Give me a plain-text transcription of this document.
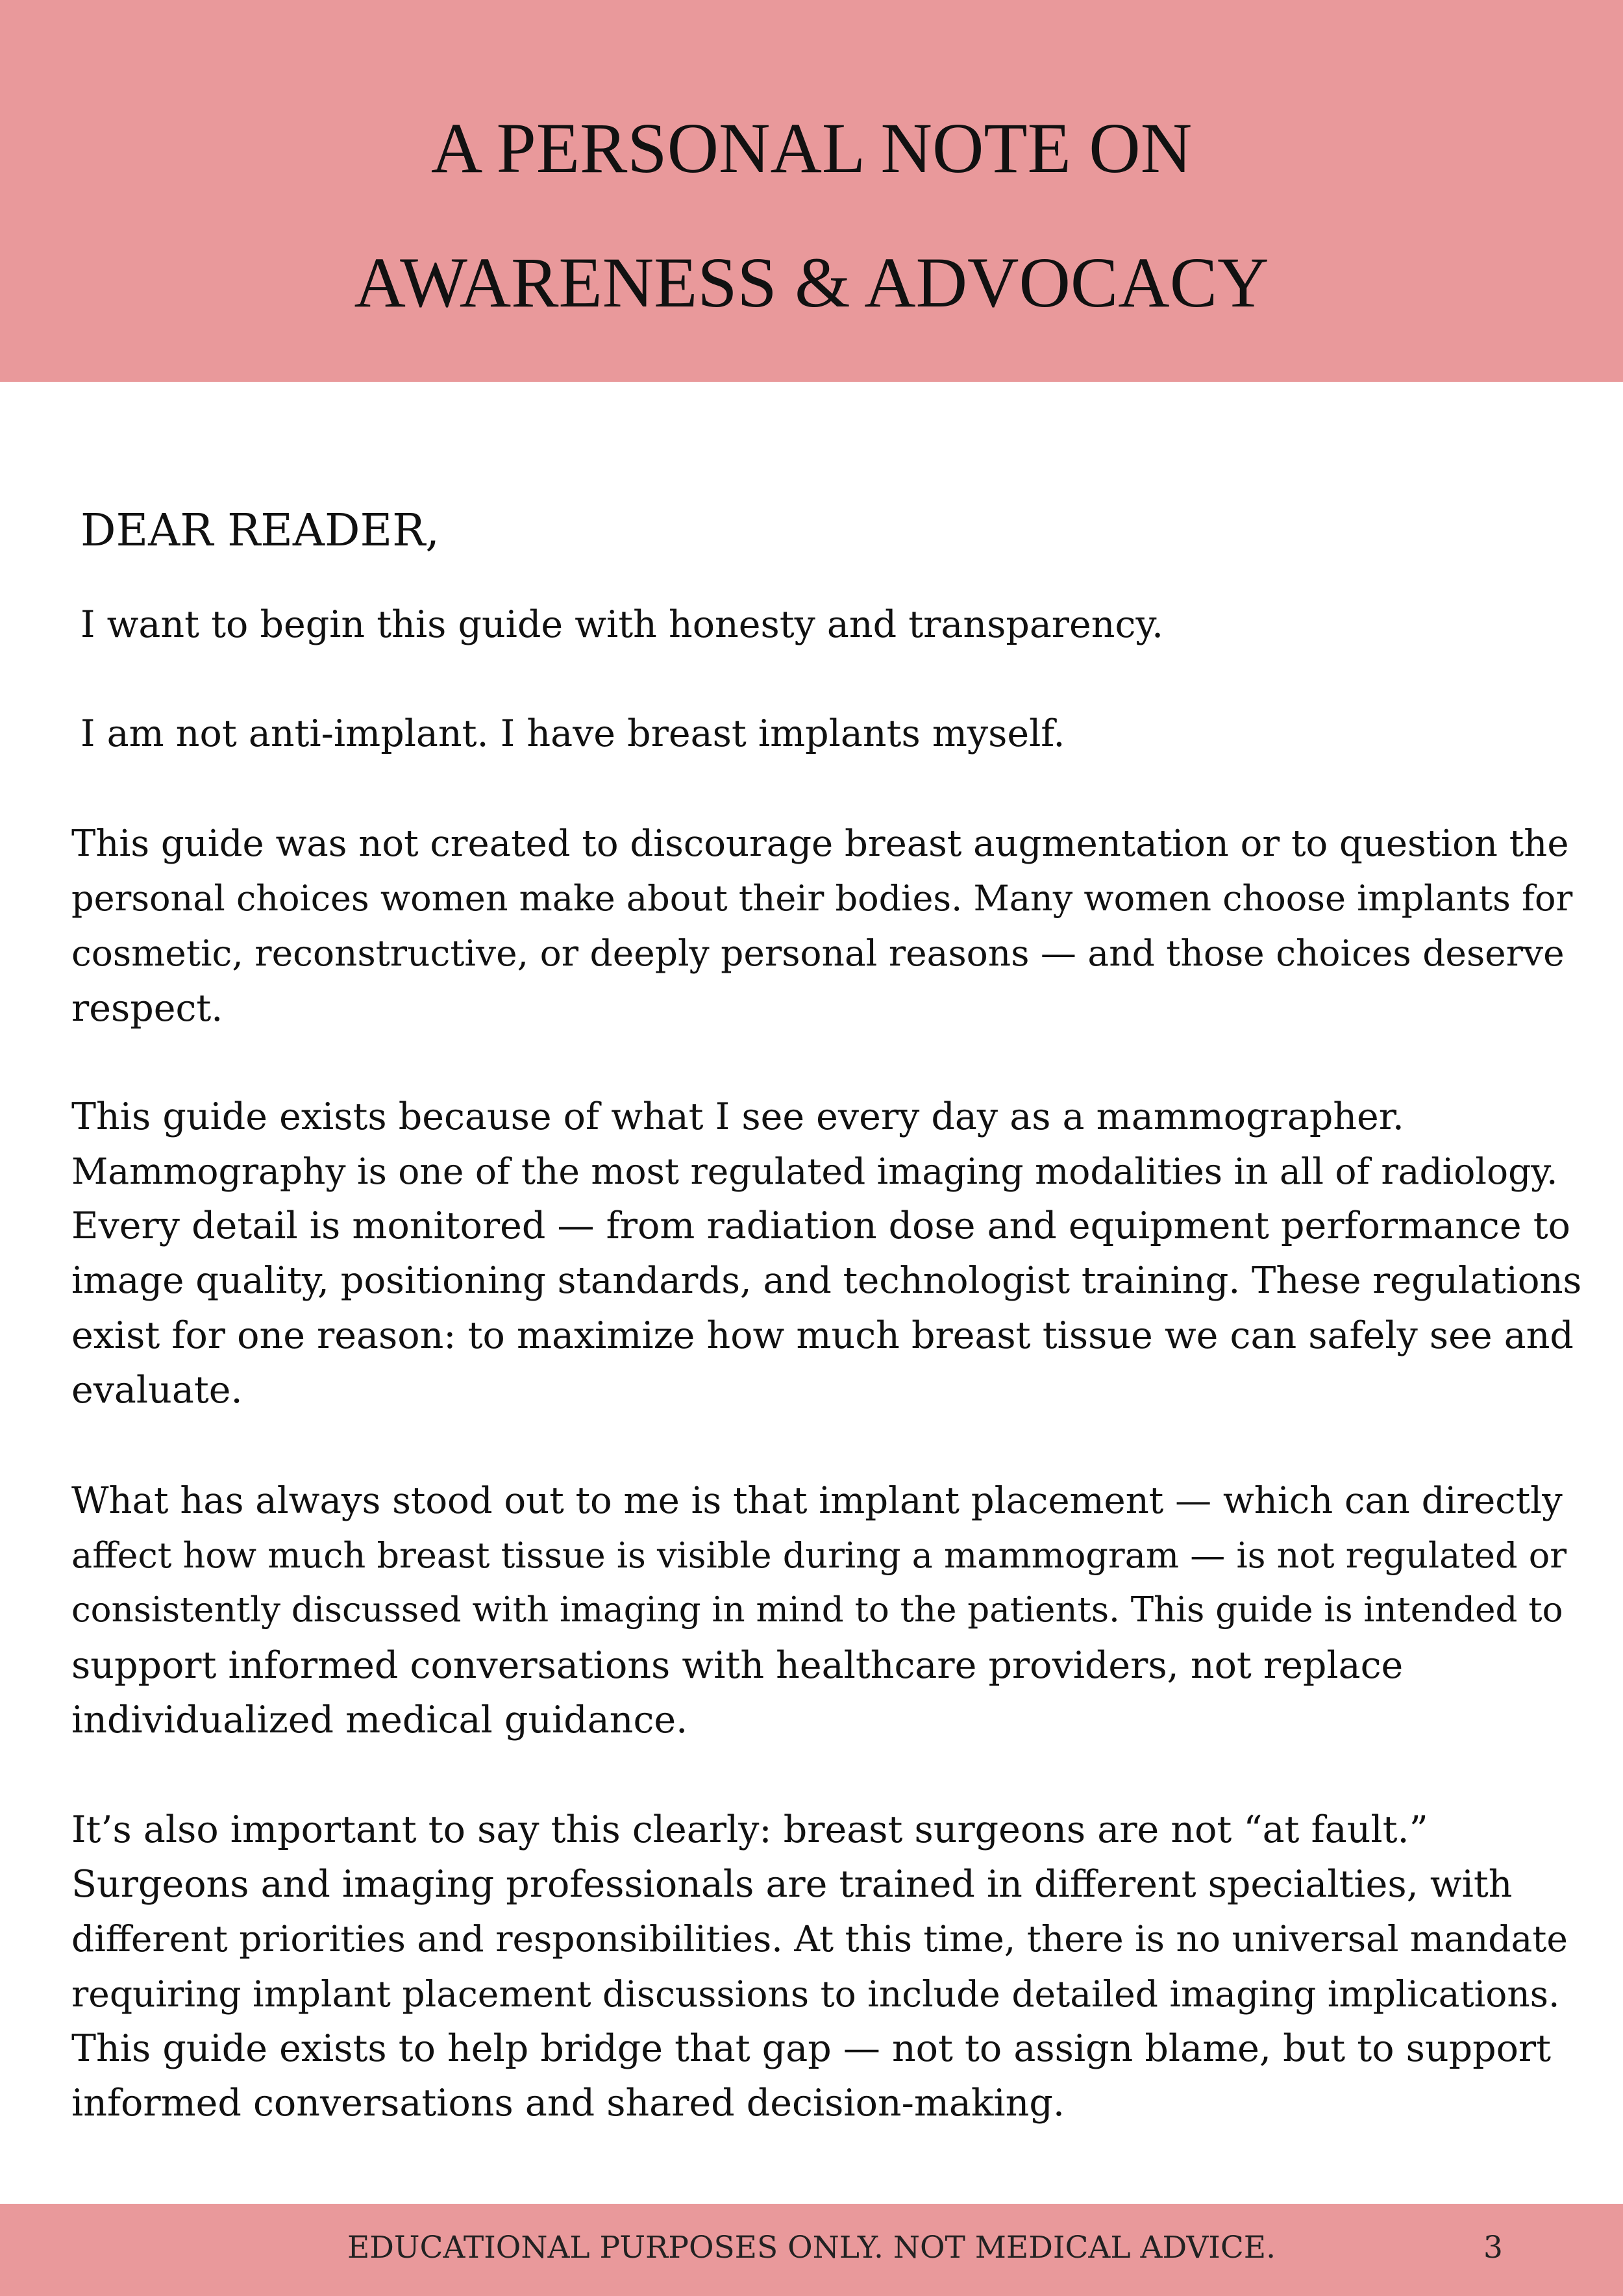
A PERSONAL NOTE ON
AWARENESS & ADVOCACY

DEAR READER,

I want to begin this guide with honesty and transparency.

I am not anti-implant. I have breast implants myself.

This guide was not created to discourage breast augmentation or to question the
personal choices women make about their bodies. Many women choose implants for
cosmetic, reconstructive, or deeply personal reasons — and those choices deserve
respect.
This guide exists because of what I see every day as a mammographer.
Mammography is one of the most regulated imaging modalities in all of radiology.
Every detail is monitored — from radiation dose and equipment performance to
image quality, positioning standards, and technologist training. These regulations
exist for one reason: to maximize how much breast tissue we can safely see and
evaluate.
What has always stood out to me is that implant placement — which can directly
affect how much breast tissue is visible during a mammogram — is not regulated or
consistently discussed with imaging in mind to the patients. This guide is intended to
support informed conversations with healthcare providers, not replace
individualized medical guidance.
It’s also important to say this clearly: breast surgeons are not “at fault.”
Surgeons and imaging professionals are trained in different specialties, with
different priorities and responsibilities. At this time, there is no universal mandate
requiring implant placement discussions to include detailed imaging implications.
This guide exists to help bridge that gap — not to assign blame, but to support
informed conversations and shared decision-making.
EDUCATIONAL PURPOSES ONLY. NOT MEDICAL ADVICE.	3
